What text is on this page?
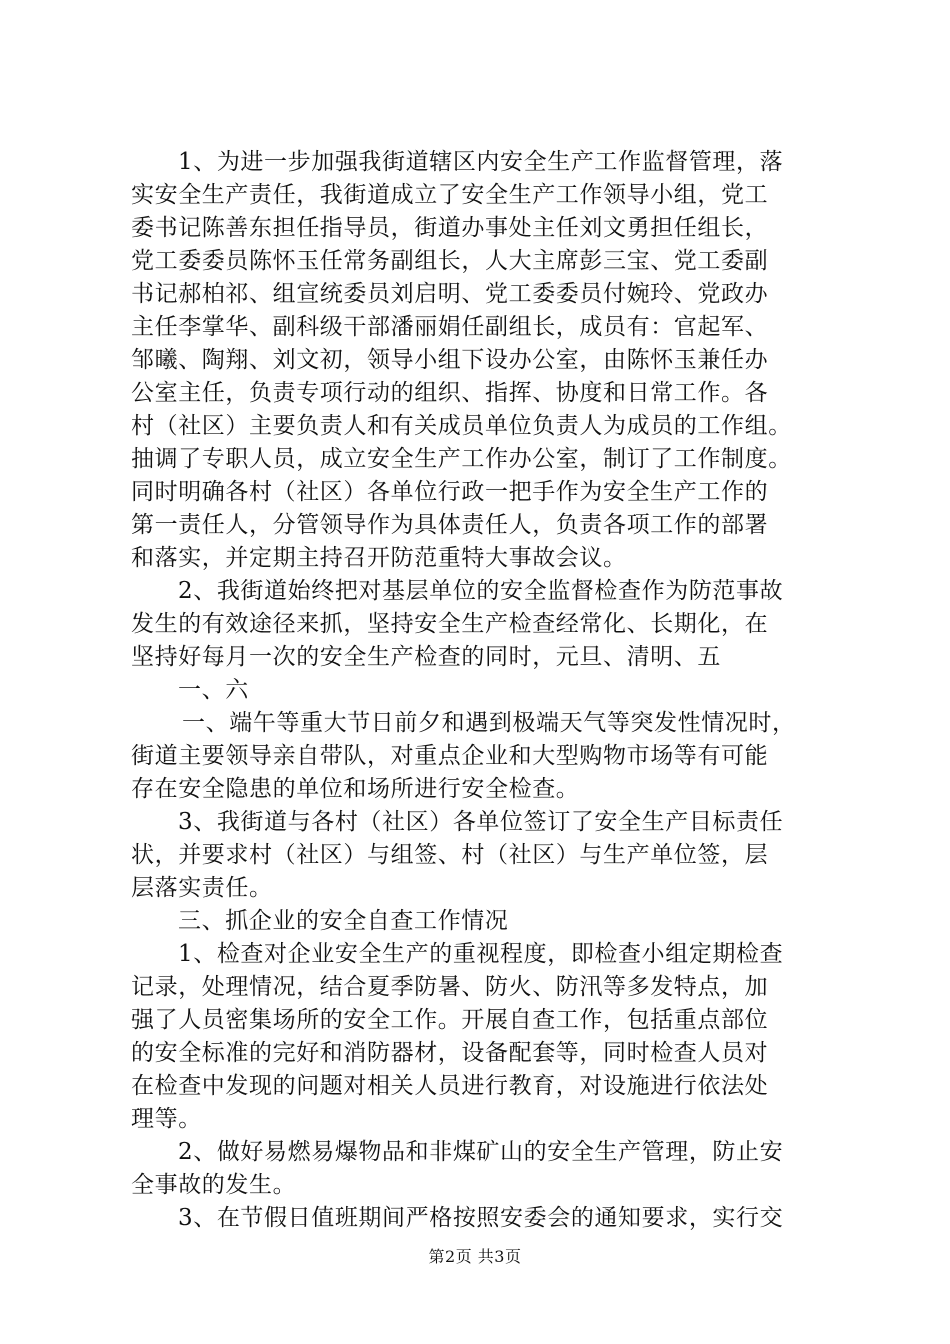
1、为进一步加强我街道辖区内安全生产工作监督管理，落
实安全生产责任，我街道成立了安全生产工作领导小组，党工
委书记陈善东担任指导员，街道办事处主任刘文勇担任组长，
党工委委员陈怀玉任常务副组长，人大主席彭三宝、党工委副
书记郝柏祁、组宣统委员刘启明、党工委委员付婉玲、党政办
主任李掌华、副科级干部潘丽娟任副组长，成员有：官起军、
邹曦、陶翔、刘文初，领导小组下设办公室，由陈怀玉兼任办
公室主任，负责专项行动的组织、指挥、协度和日常工作。各
村（社区）主要负责人和有关成员单位负责人为成员的工作组。
抽调了专职人员，成立安全生产工作办公室，制订了工作制度。
同时明确各村（社区）各单位行政一把手作为安全生产工作的
第一责任人，分管领导作为具体责任人，负责各项工作的部署
和落实，并定期主持召开防范重特大事故会议。
2、我街道始终把对基层单位的安全监督检查作为防范事故
发生的有效途径来抓，坚持安全生产检查经常化、长期化，在
坚持好每月一次的安全生产检查的同时，元旦、清明、五
一、六
一、端午等重大节日前夕和遇到极端天气等突发性情况时，
街道主要领导亲自带队，对重点企业和大型购物市场等有可能
存在安全隐患的单位和场所进行安全检查。
3、我街道与各村（社区）各单位签订了安全生产目标责任
状，并要求村（社区）与组签、村（社区）与生产单位签，层
层落实责任。
三、抓企业的安全自查工作情况
1、检查对企业安全生产的重视程度，即检查小组定期检查
记录，处理情况，结合夏季防暑、防火、防汛等多发特点，加
强了人员密集场所的安全工作。开展自查工作，包括重点部位
的安全标准的完好和消防器材，设备配套等，同时检查人员对
在检查中发现的问题对相关人员进行教育，对设施进行依法处
理等。
2、做好易燃易爆物品和非煤矿山的安全生产管理，防止安
全事故的发生。
3、在节假日值班期间严格按照安委会的通知要求，实行交
第2页 共3页
